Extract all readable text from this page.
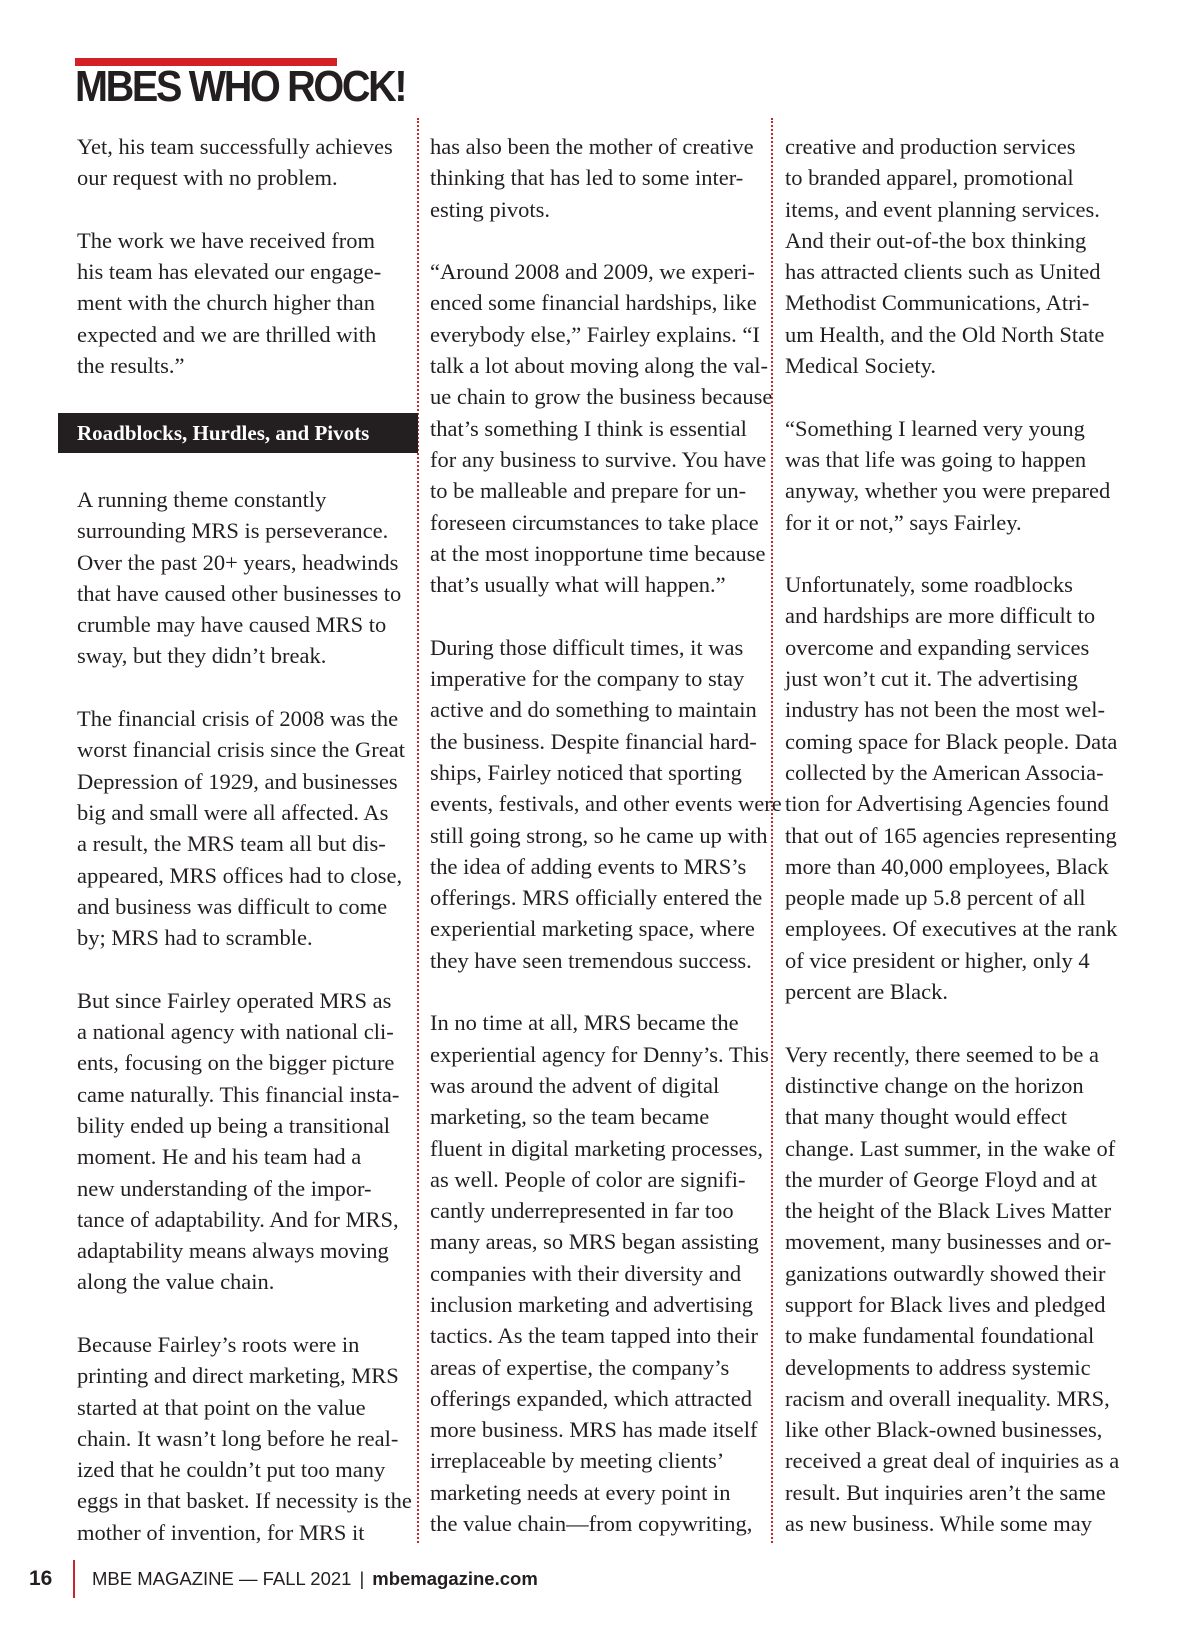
MBES WHO ROCK!

Yet, his team successfully achieves
our request with no problem.

The work we have received from
his team has elevated our engage-
ment with the church higher than
expected and we are thrilled with
the results.”

Roadblocks, Hurdles, and Pivots

A running theme constantly
surrounding MRS is perseverance.
Over the past 20+ years, headwinds
that have caused other businesses to
crumble may have caused MRS to
sway, but they didn’t break.

The financial crisis of 2008 was the
worst financial crisis since the Great
Depression of 1929, and businesses
big and small were all affected. As
a result, the MRS team all but dis-
appeared, MRS offices had to close,
and business was difficult to come
by; MRS had to scramble.

But since Fairley operated MRS as
a national agency with national cli-
ents, focusing on the bigger picture
came naturally. This financial insta-
bility ended up being a transitional
moment. He and his team had a
new understanding of the impor-
tance of adaptability. And for MRS,
adaptability means always moving
along the value chain.

Because Fairley’s roots were in
printing and direct marketing, MRS
started at that point on the value
chain. It wasn’t long before he real-
ized that he couldn’t put too many
eggs in that basket. If necessity is the
mother of invention, for MRS it

has also been the mother of creative
thinking that has led to some inter-
esting pivots.

“Around 2008 and 2009, we experi-
enced some financial hardships, like
everybody else,” Fairley explains. “I
talk a lot about moving along the val-
ue chain to grow the business because
that’s something I think is essential
for any business to survive. You have
to be malleable and prepare for un-
foreseen circumstances to take place
at the most inopportune time because
that’s usually what will happen.”

During those difficult times, it was
imperative for the company to stay
active and do something to maintain
the business. Despite financial hard-
ships, Fairley noticed that sporting
events, festivals, and other events were
still going strong, so he came up with
the idea of adding events to MRS’s
offerings. MRS officially entered the
experiential marketing space, where
they have seen tremendous success.

In no time at all, MRS became the
experiential agency for Denny’s. This
was around the advent of digital
marketing, so the team became
fluent in digital marketing processes,
as well. People of color are signifi-
cantly underrepresented in far too
many areas, so MRS began assisting
companies with their diversity and
inclusion marketing and advertising
tactics. As the team tapped into their
areas of expertise, the company’s
offerings expanded, which attracted
more business. MRS has made itself
irreplaceable by meeting clients’
marketing needs at every point in
the value chain—from copywriting,

creative and production services
to branded apparel, promotional
items, and event planning services.
And their out-of-the box thinking
has attracted clients such as United
Methodist Communications, Atri-
um Health, and the Old North State
Medical Society.

“Something I learned very young
was that life was going to happen
anyway, whether you were prepared
for it or not,” says Fairley.

Unfortunately, some roadblocks
and hardships are more difficult to
overcome and expanding services
just won’t cut it. The advertising
industry has not been the most wel-
coming space for Black people. Data
collected by the American Associa-
tion for Advertising Agencies found
that out of 165 agencies representing
more than 40,000 employees, Black
people made up 5.8 percent of all
employees. Of executives at the rank
of vice president or higher, only 4
percent are Black.

Very recently, there seemed to be a
distinctive change on the horizon
that many thought would effect
change. Last summer, in the wake of
the murder of George Floyd and at
the height of the Black Lives Matter
movement, many businesses and or-
ganizations outwardly showed their
support for Black lives and pledged
to make fundamental foundational
developments to address systemic
racism and overall inequality. MRS,
like other Black-owned businesses,
received a great deal of inquiries as a
result. But inquiries aren’t the same
as new business. While some may

16	MBE MAGAZINE — FALL 2021 | mbemagazine.com
